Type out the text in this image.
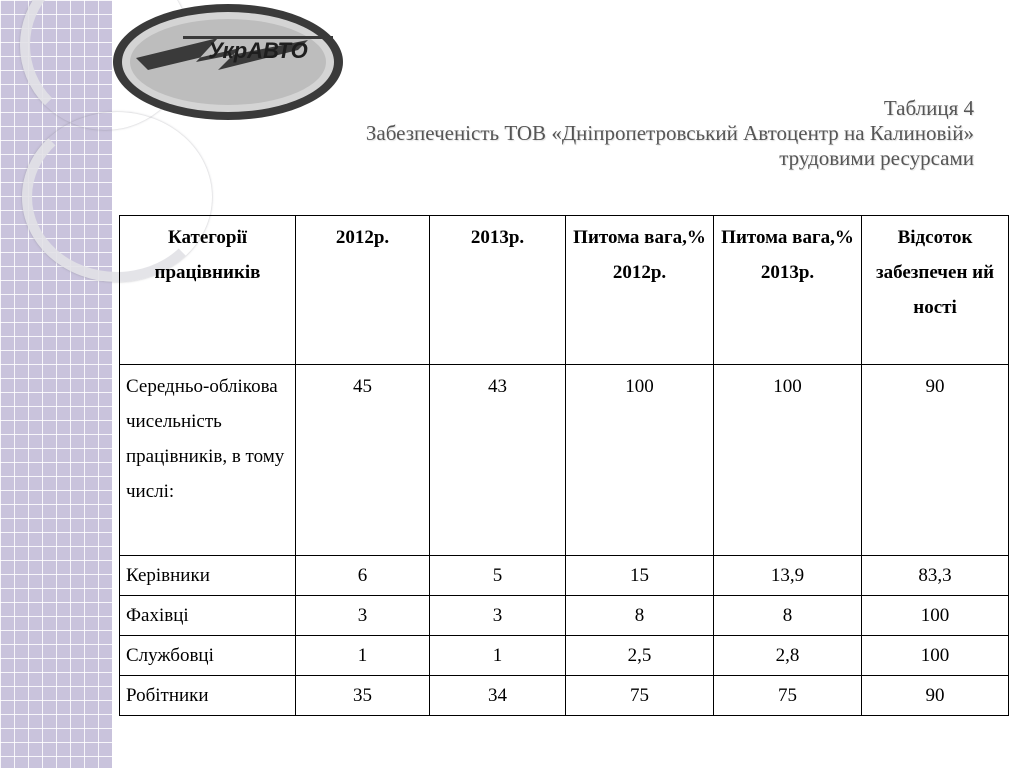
УкрАВТО
Таблиця 4
Забезпеченість ТОВ «Дніпропетровський Автоцентр на Калиновій»
трудовими ресурсами
Категорії працівників	2012р.	2013р.	Питома вага,% 2012р.	Питома вага,% 2013р.	Відсоток забезпечен ий ності
Середньо-облікова чисельність працівників, в тому числі:	45	43	100	100	90
Керівники	6	5	15	13,9	83,3
Фахівці	3	3	8	8	100
Службовці	1	1	2,5	2,8	100
Робітники	35	34	75	75	90
